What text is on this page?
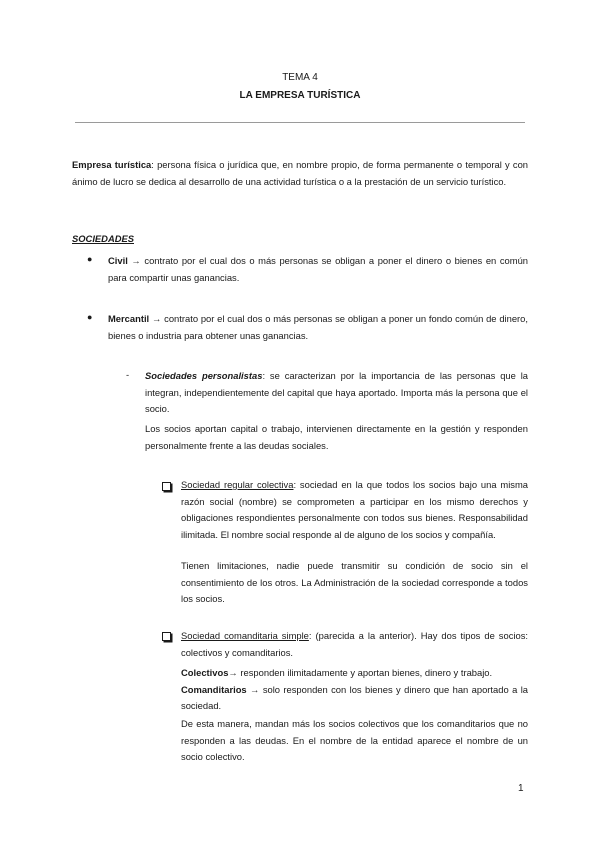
TEMA 4
LA EMPRESA TURÍSTICA
Empresa turística: persona física o jurídica que, en nombre propio, de forma permanente o temporal y con ánimo de lucro se dedica al desarrollo de una actividad turística o a la prestación de un servicio turístico.
SOCIEDADES
● Civil → contrato por el cual dos o más personas se obligan a poner el dinero o bienes en común para compartir unas ganancias.
● Mercantil → contrato por el cual dos o más personas se obligan a poner un fondo común de dinero, bienes o industria para obtener unas ganancias.
- Sociedades personalistas: se caracterizan por la importancia de las personas que la integran, independientemente del capital que haya aportado. Importa más la persona que el socio.
Los socios aportan capital o trabajo, intervienen directamente en la gestión y responden personalmente frente a las deudas sociales.
Sociedad regular colectiva: sociedad en la que todos los socios bajo una misma razón social (nombre) se comprometen a participar en los mismo derechos y obligaciones respondientes personalmente con todos sus bienes. Responsabilidad ilimitada. El nombre social responde al de alguno de los socios y compañía.
Tienen limitaciones, nadie puede transmitir su condición de socio sin el consentimiento de los otros. La Administración de la sociedad corresponde a todos los socios.
Sociedad comanditaria simple: (parecida a la anterior). Hay dos tipos de socios: colectivos y comanditarios.
Colectivos→ responden ilimitadamente y aportan bienes, dinero y trabajo.
Comanditarios → solo responden con los bienes y dinero que han aportado a la sociedad.
De esta manera, mandan más los socios colectivos que los comanditarios que no responden a las deudas. En el nombre de la entidad aparece el nombre de un socio colectivo.
1
